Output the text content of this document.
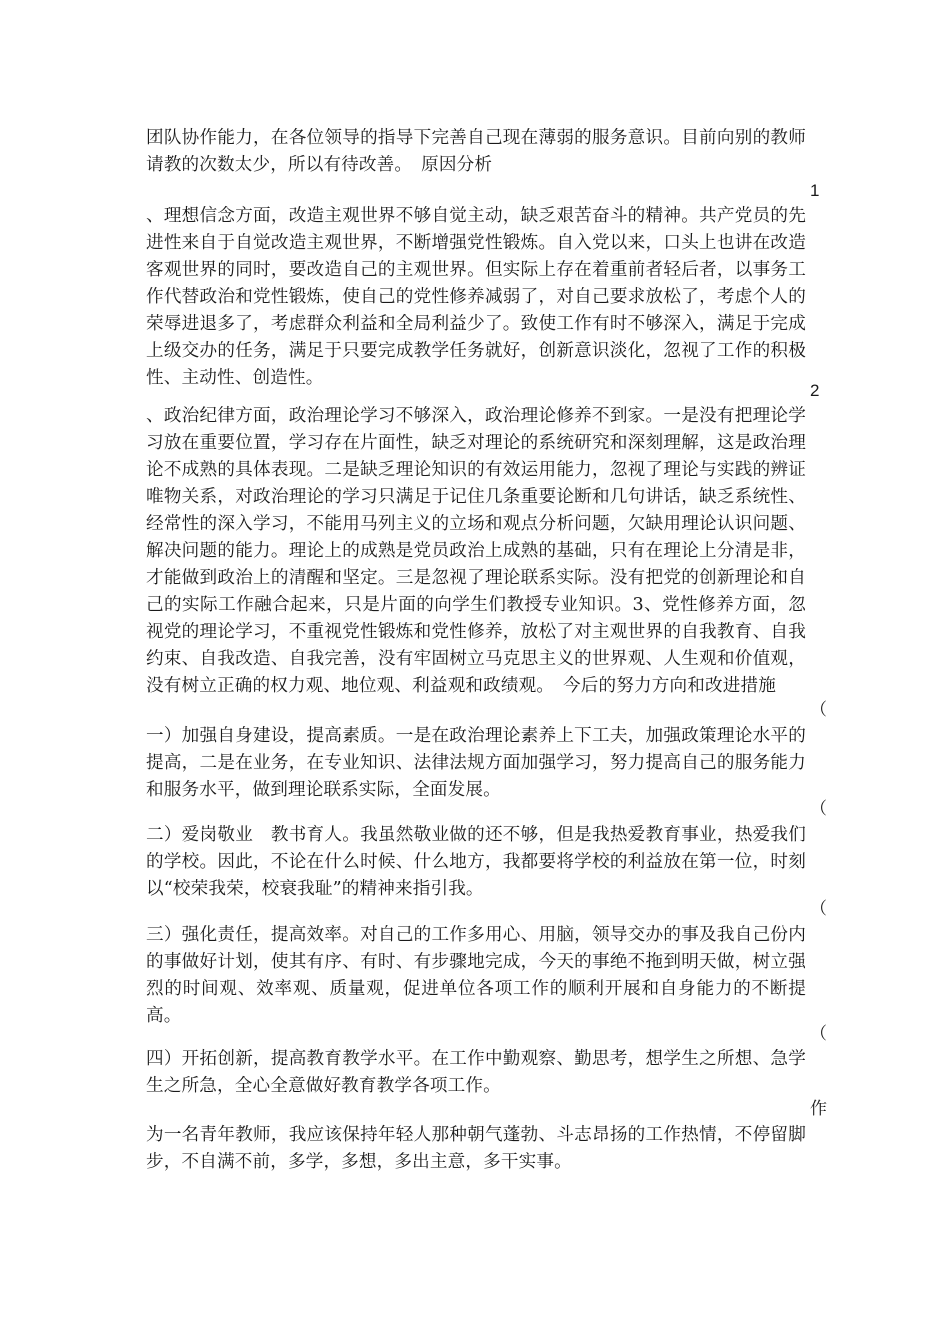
团队协作能力，在各位领导的指导下完善自己现在薄弱的服务意识。目前向别的教师请教的次数太少，所以有待改善。　原因分析

1

、理想信念方面，改造主观世界不够自觉主动，缺乏艰苦奋斗的精神。共产党员的先进性来自于自觉改造主观世界，不断增强党性锻炼。自入党以来，口头上也讲在改造客观世界的同时，要改造自己的主观世界。但实际上存在着重前者轻后者，以事务工作代替政治和党性锻炼，使自己的党性修养减弱了，对自己要求放松了，考虑个人的荣辱进退多了，考虑群众利益和全局利益少了。致使工作有时不够深入，满足于完成上级交办的任务，满足于只要完成教学任务就好，创新意识淡化，忽视了工作的积极性、主动性、创造性。

2

、政治纪律方面，政治理论学习不够深入，政治理论修养不到家。一是没有把理论学习放在重要位置，学习存在片面性，缺乏对理论的系统研究和深刻理解，这是政治理论不成熟的具体表现。二是缺乏理论知识的有效运用能力，忽视了理论与实践的辨证唯物关系，对政治理论的学习只满足于记住几条重要论断和几句讲话，缺乏系统性、经常性的深入学习，不能用马列主义的立场和观点分析问题，欠缺用理论认识问题、解决问题的能力。理论上的成熟是党员政治上成熟的基础，只有在理论上分清是非，才能做到政治上的清醒和坚定。三是忽视了理论联系实际。没有把党的创新理论和自己的实际工作融合起来，只是片面的向学生们教授专业知识。3、党性修养方面，忽视党的理论学习，不重视党性锻炼和党性修养，放松了对主观世界的自我教育、自我约束、自我改造、自我完善，没有牢固树立马克思主义的世界观、人生观和价值观，没有树立正确的权力观、地位观、利益观和政绩观。　今后的努力方向和改进措施

（

一）加强自身建设，提高素质。一是在政治理论素养上下工夫，加强政策理论水平的提高，二是在业务，在专业知识、法律法规方面加强学习，努力提高自己的服务能力和服务水平，做到理论联系实际，全面发展。

（

二）爱岗敬业　教书育人。我虽然敬业做的还不够，但是我热爱教育事业，热爱我们的学校。因此，不论在什么时候、什么地方，我都要将学校的利益放在第一位，时刻以“校荣我荣，校衰我耻”的精神来指引我。

（

三）强化责任，提高效率。对自己的工作多用心、用脑，领导交办的事及我自己份内的事做好计划，使其有序、有时、有步骤地完成，今天的事绝不拖到明天做，树立强烈的时间观、效率观、质量观，促进单位各项工作的顺利开展和自身能力的不断提高。

（

四）开拓创新，提高教育教学水平。在工作中勤观察、勤思考，想学生之所想、急学生之所急，全心全意做好教育教学各项工作。

作

为一名青年教师，我应该保持年轻人那种朝气蓬勃、斗志昂扬的工作热情，不停留脚步，不自满不前，多学，多想，多出主意，多干实事。
